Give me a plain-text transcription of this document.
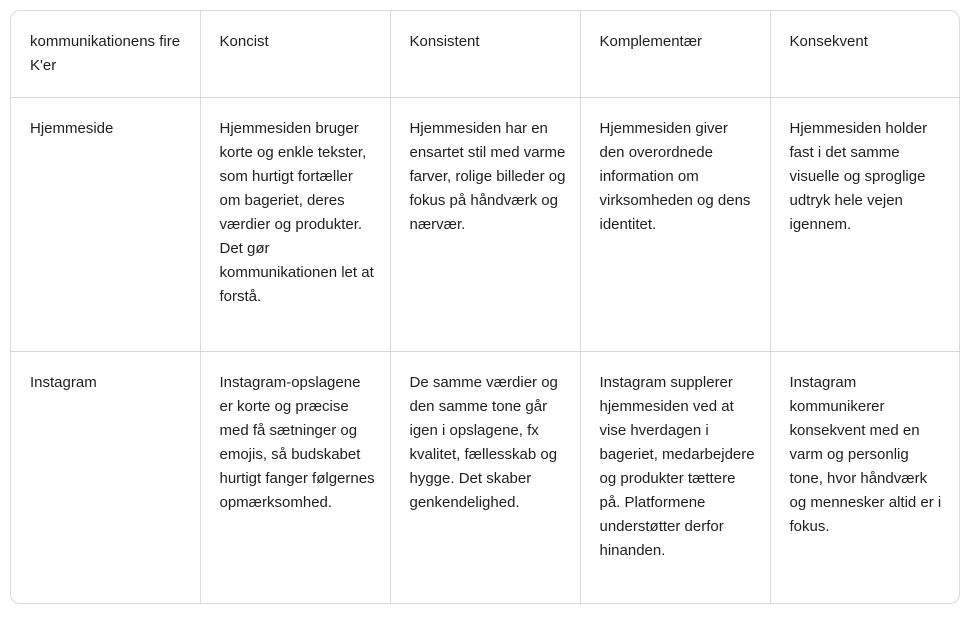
kommunikationens fire K'er	Koncist	Konsistent	Komplementær	Konsekvent
Hjemmeside	Hjemmesiden bruger korte og enkle tekster, som hurtigt fortæller om bageriet, deres værdier og produkter. Det gør kommunikationen let at forstå.	Hjemmesiden har en ensartet stil med varme farver, rolige billeder og fokus på håndværk og nærvær.	Hjemmesiden giver den overordnede information om virksomheden og dens identitet.	Hjemmesiden holder fast i det samme visuelle og sproglige udtryk hele vejen igennem.
Instagram	Instagram-opslagene er korte og præcise med få sætninger og emojis, så budskabet hurtigt fanger følgernes opmærksomhed.	De samme værdier og den samme tone går igen i opslagene, fx kvalitet, fællesskab og hygge. Det skaber genkendelighed.	Instagram supplerer hjemmesiden ved at vise hverdagen i bageriet, medarbejdere og produkter tættere på. Platformene understøtter derfor hinanden.	Instagram kommunikerer konsekvent med en varm og personlig tone, hvor håndværk og mennesker altid er i fokus.
